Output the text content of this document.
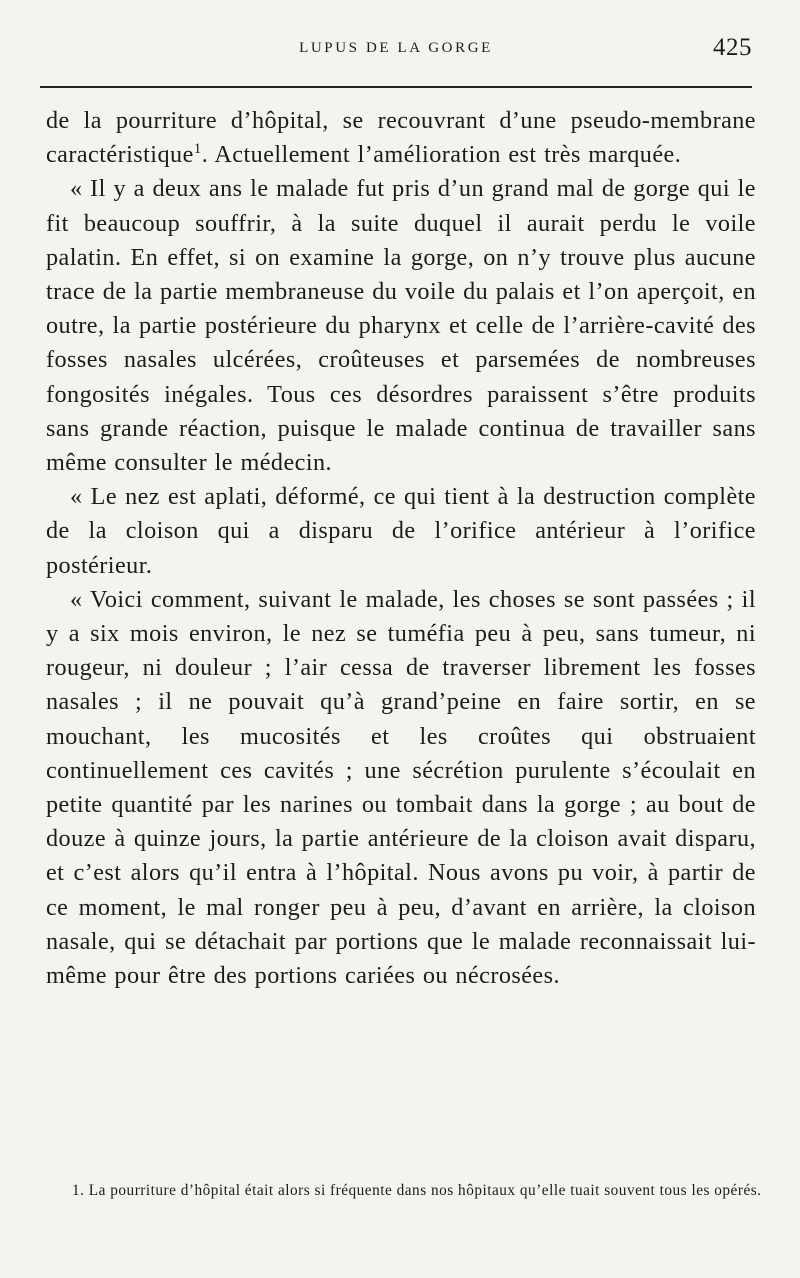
LUPUS DE LA GORGE	425

de la pourriture d’hôpital, se recouvrant d’une pseudo-membrane caractéristique$^1$. Actuellement l’amélioration est très marquée.

« Il y a deux ans le malade fut pris d’un grand mal de gorge qui le fit beaucoup souffrir, à la suite duquel il aurait perdu le voile palatin. En effet, si on examine la gorge, on n’y trouve plus aucune trace de la partie membraneuse du voile du palais et l’on aperçoit, en outre, la partie postérieure du pharynx et celle de l’arrière-cavité des fosses nasales ulcérées, croûteuses et parsemées de nombreuses fongosités inégales. Tous ces désordres paraissent s’être produits sans grande réaction, puisque le malade continua de travailler sans même consulter le médecin.

« Le nez est aplati, déformé, ce qui tient à la destruction complète de la cloison qui a disparu de l’orifice antérieur à l’orifice postérieur.

« Voici comment, suivant le malade, les choses se sont passées ; il y a six mois environ, le nez se tuméfia peu à peu, sans tumeur, ni rougeur, ni douleur ; l’air cessa de traverser librement les fosses nasales ; il ne pouvait qu’à grand’peine en faire sortir, en se mouchant, les mucosités et les croûtes qui obstruaient continuellement ces cavités ; une sécrétion purulente s’écoulait en petite quantité par les narines ou tombait dans la gorge ; au bout de douze à quinze jours, la partie antérieure de la cloison avait disparu, et c’est alors qu’il entra à l’hôpital. Nous avons pu voir, à partir de ce moment, le mal ronger peu à peu, d’avant en arrière, la cloison nasale, qui se détachait par portions que le malade reconnaissait lui-même pour être des portions cariées ou nécrosées.

1. La pourriture d’hôpital était alors si fréquente dans nos hôpitaux qu’elle tuait souvent tous les opérés.
